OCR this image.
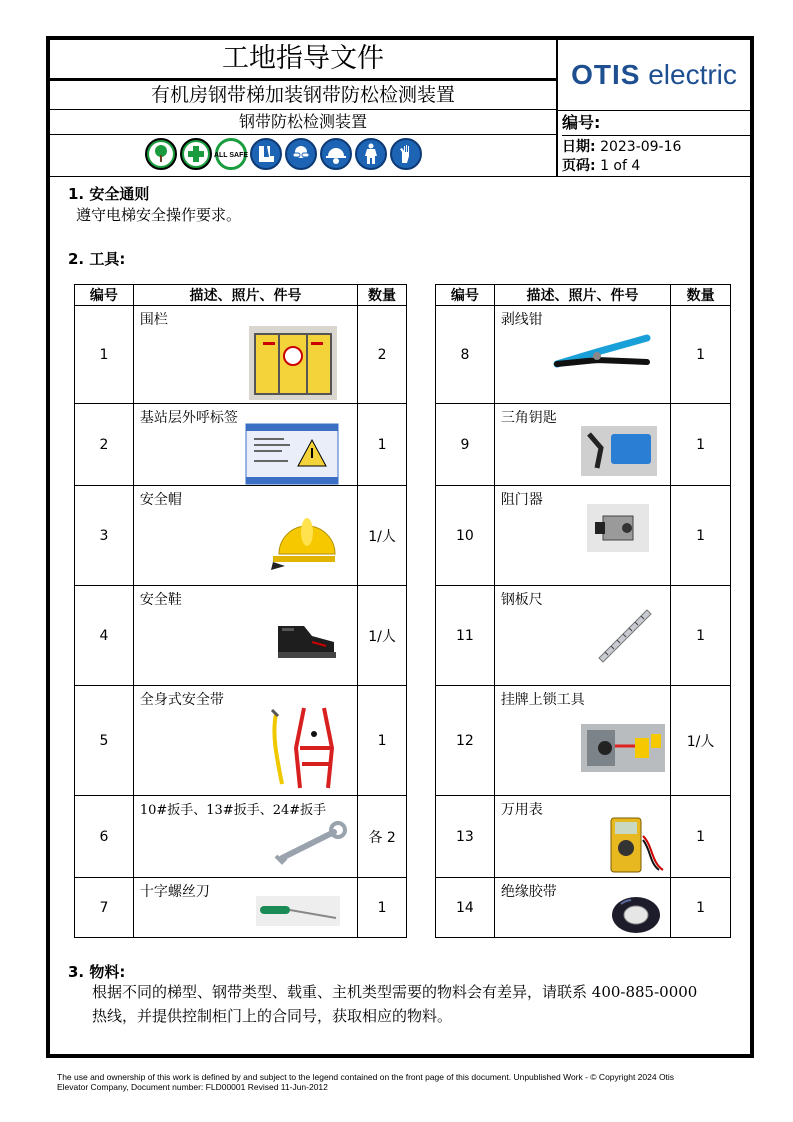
工地指导文件
有机房钢带梯加装钢带防松检测装置
钢带防松检测装置
ALL SAFE
OTIS electric
编号:
日期: 2023-09-16
页码: 1 of 4
1. 安全通则
遵守电梯安全操作要求。
2. 工具:
编号	描述、照片、件号	数量
1	围栏	2
2	基站层外呼标签	1
3	安全帽	1/人
4	安全鞋	1/人
5	全身式安全带	1
6	10#扳手、13#扳手、24#扳手	各 2
7	十字螺丝刀	1
编号	描述、照片、件号	数量
8	剥线钳	1
9	三角钥匙	1
10	阻门器	1
11	钢板尺	1
12	挂牌上锁工具	1/人
13	万用表	1
14	绝缘胶带	1
3. 物料:
根据不同的梯型、钢带类型、载重、主机类型需要的物料会有差异，请联系 400-885-0000
热线，并提供控制柜门上的合同号，获取相应的物料。
The use and ownership of this work is defined by and subject to the legend contained on the front page of this document. Unpublished Work - © Copyright 2024 Otis
Elevator Company, Document number: FLD00001 Revised 11-Jun-2012
